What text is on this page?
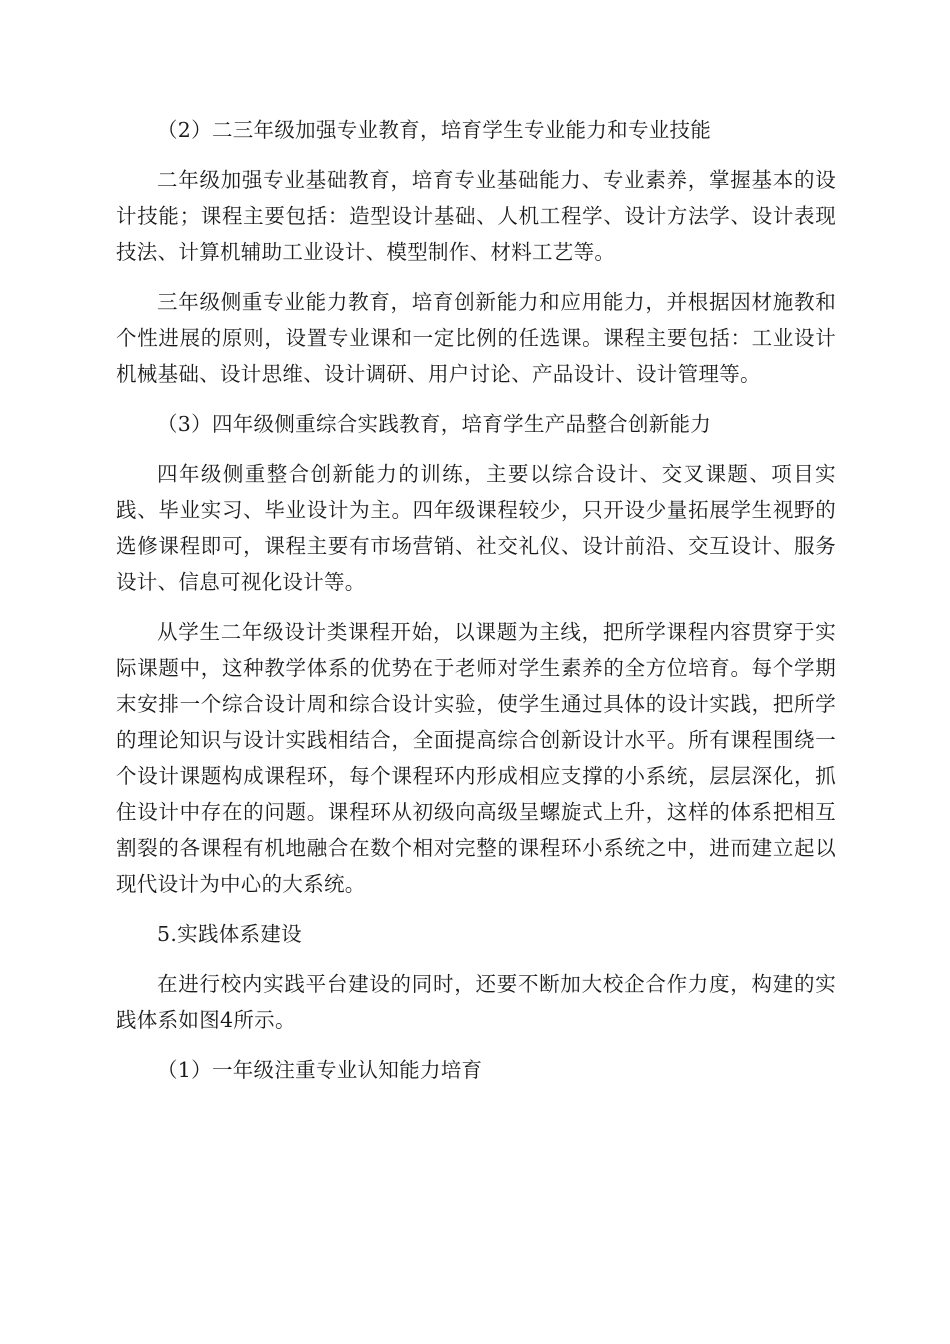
（2）二三年级加强专业教育，培育学生专业能力和专业技能

二年级加强专业基础教育，培育专业基础能力、专业素养，掌握基本的设计技能；课程主要包括：造型设计基础、人机工程学、设计方法学、设计表现技法、计算机辅助工业设计、模型制作、材料工艺等。

三年级侧重专业能力教育，培育创新能力和应用能力，并根据因材施教和个性进展的原则，设置专业课和一定比例的任选课。课程主要包括：工业设计机械基础、设计思维、设计调研、用户讨论、产品设计、设计管理等。

（3）四年级侧重综合实践教育，培育学生产品整合创新能力

四年级侧重整合创新能力的训练，主要以综合设计、交叉课题、项目实践、毕业实习、毕业设计为主。四年级课程较少，只开设少量拓展学生视野的选修课程即可，课程主要有市场营销、社交礼仪、设计前沿、交互设计、服务设计、信息可视化设计等。

从学生二年级设计类课程开始，以课题为主线，把所学课程内容贯穿于实际课题中，这种教学体系的优势在于老师对学生素养的全方位培育。每个学期末安排一个综合设计周和综合设计实验，使学生通过具体的设计实践，把所学的理论知识与设计实践相结合，全面提高综合创新设计水平。所有课程围绕一个设计课题构成课程环，每个课程环内形成相应支撑的小系统，层层深化，抓住设计中存在的问题。课程环从初级向高级呈螺旋式上升，这样的体系把相互割裂的各课程有机地融合在数个相对完整的课程环小系统之中，进而建立起以现代设计为中心的大系统。

5.实践体系建设

在进行校内实践平台建设的同时，还要不断加大校企合作力度，构建的实践体系如图4所示。

（1）一年级注重专业认知能力培育
